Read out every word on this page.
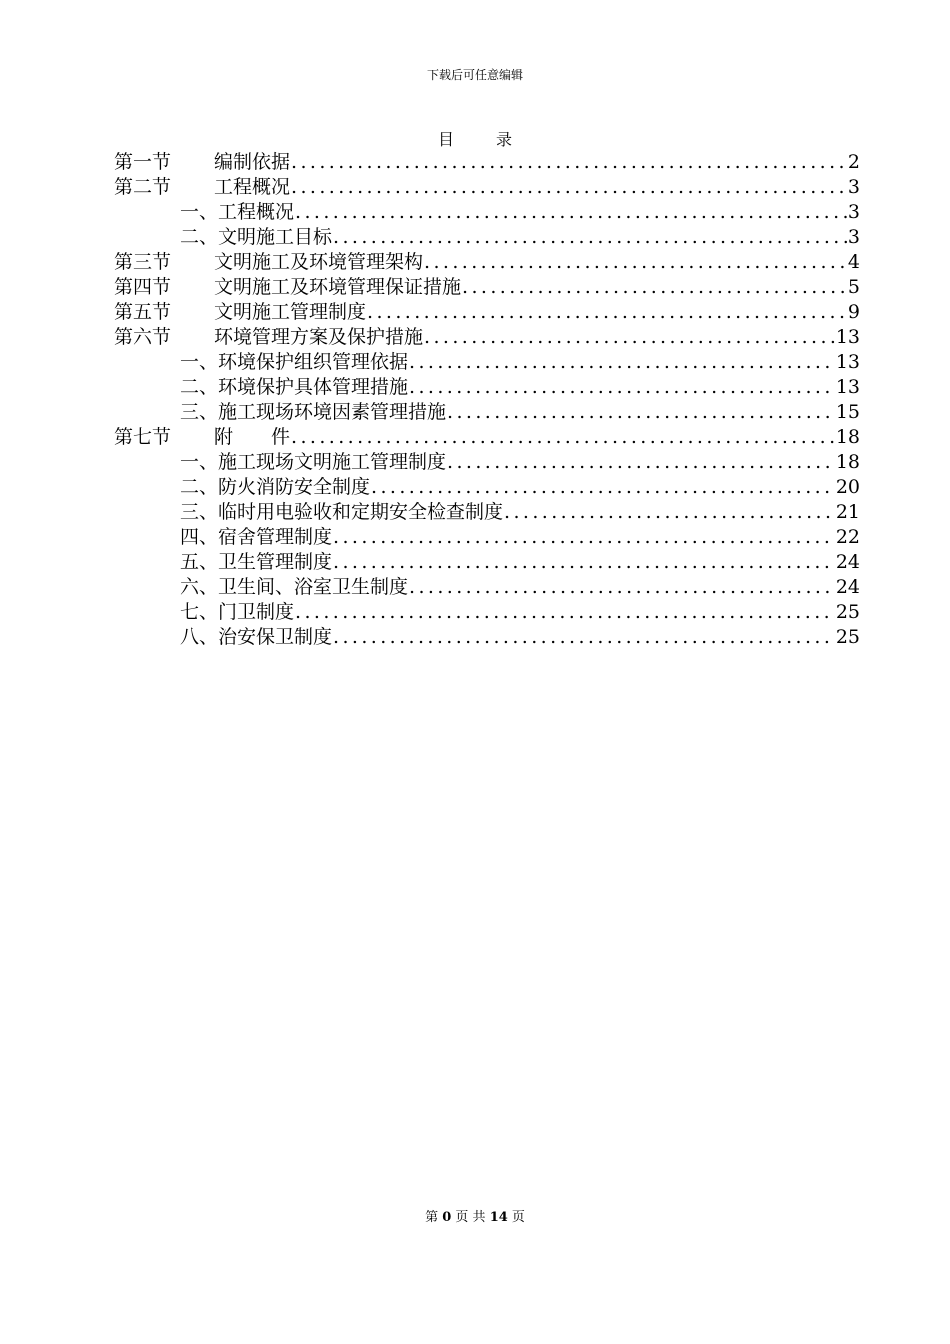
下载后可任意编辑
目	录
第一节	编制依据 .....	2
第二节	工程概况 .....	3
一、工程概况 .....	3
二、文明施工目标 .....	3
第三节	文明施工及环境管理架构 .....	4
第四节	文明施工及环境管理保证措施 .....	5
第五节	文明施工管理制度 .....	9
第六节	环境管理方案及保护措施 .....	13
一、环境保护组织管理依据 .....	13
二、环境保护具体管理措施 .....	13
三、施工现场环境因素管理措施 .....	15
第七节	附　　件 .....	18
一、施工现场文明施工管理制度 .....	18
二、防火消防安全制度 .....	20
三、临时用电验收和定期安全检查制度 .....	21
四、宿舍管理制度 .....	22
五、卫生管理制度 .....	24
六、卫生间、浴室卫生制度 .....	24
七、门卫制度 .....	25
八、治安保卫制度 .....	25
第 0 页 共 14 页
